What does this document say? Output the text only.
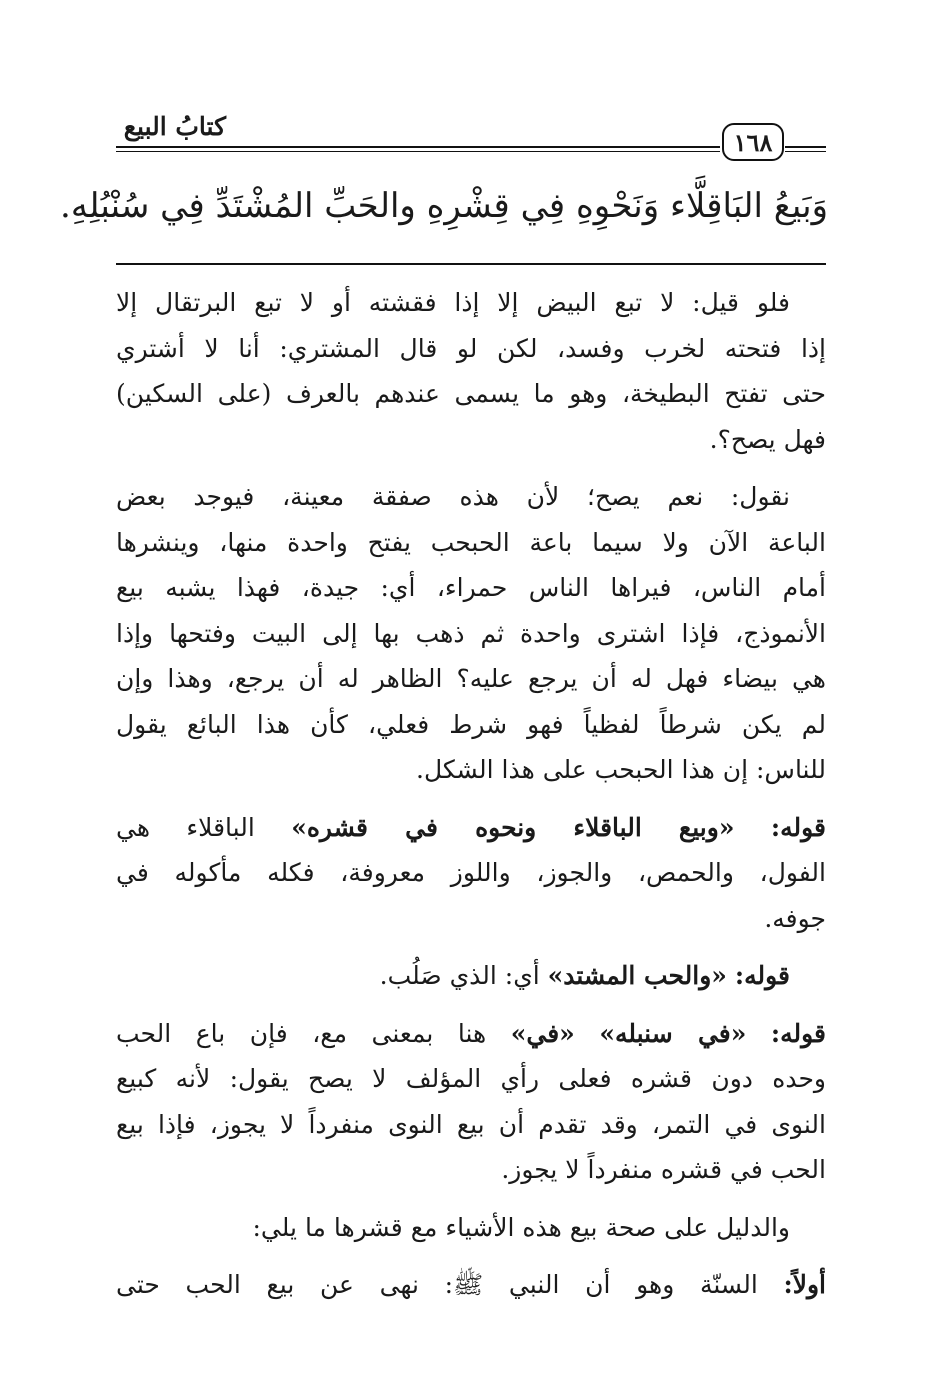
كتابُ البيع
١٦٨
وَبَيعُ البَاقِلَّاء وَنَحْوِهِ فِي قِشْرِهِ والحَبِّ المُشْتَدِّ فِي سُنْبُلِهِ.

فلو قيل: لا تبع البيض إلا إذا فقشته أو لا تبع البرتقال إلا
إذا فتحته لخرب وفسد، لكن لو قال المشتري: أنا لا أشتري
حتى تفتح البطيخة، وهو ما يسمى عندهم بالعرف (على السكين)
فهل يصح؟.

نقول: نعم يصح؛ لأن هذه صفقة معينة، فيوجد بعض
الباعة الآن ولا سيما باعة الحبحب يفتح واحدة منها، وينشرها
أمام الناس، فيراها الناس حمراء، أي: جيدة، فهذا يشبه بيع
الأنموذج، فإذا اشترى واحدة ثم ذهب بها إلى البيت وفتحها وإذا
هي بيضاء فهل له أن يرجع عليه؟ الظاهر له أن يرجع، وهذا وإن
لم يكن شرطاً لفظياً فهو شرط فعلي، كأن هذا البائع يقول
للناس: إن هذا الحبحب على هذا الشكل.

قوله: «وبيع الباقلاء ونحوه في قشره» الباقلاء هي
الفول، والحمص، والجوز، واللوز معروفة، فكله مأكوله في
جوفه.

قوله: «والحب المشتد» أي: الذي صَلُب.

قوله: «في سنبله» «في» هنا بمعنى مع، فإن باع الحب
وحده دون قشره فعلى رأي المؤلف لا يصح يقول: لأنه كبيع
النوى في التمر، وقد تقدم أن بيع النوى منفرداً لا يجوز، فإذا بيع
الحب في قشره منفرداً لا يجوز.

والدليل على صحة بيع هذه الأشياء مع قشرها ما يلي:

أولاً: السنّة وهو أن النبي ﷺ: نهى عن بيع الحب حتى
